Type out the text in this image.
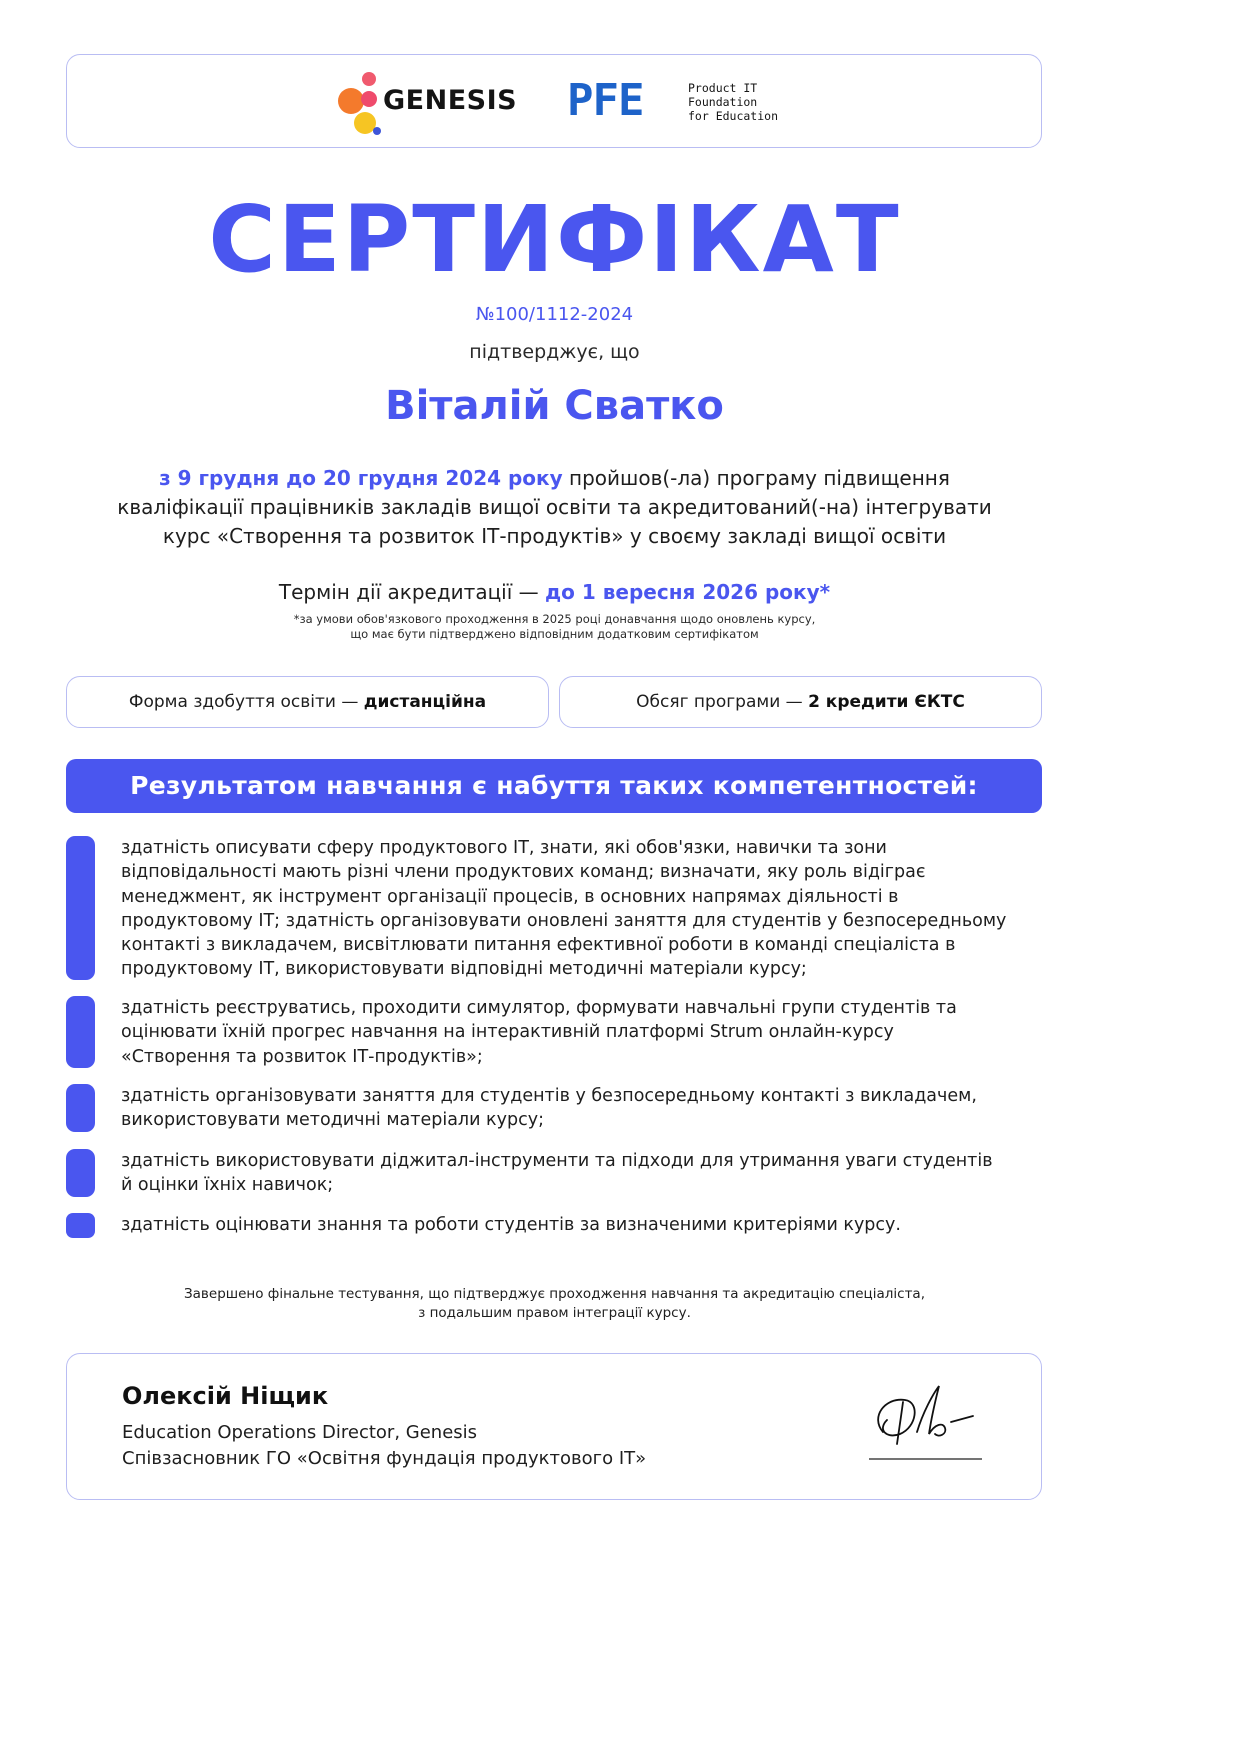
GENESIS PFE	Product IT
Foundation
for Education
СЕРТИФІКАТ
№100/1112-2024
підтверджує, що
Віталій Сватко
з 9 грудня до 20 грудня 2024 року пройшов(-ла) програму підвищення
кваліфікації працівників закладів вищої освіти та акредитований(-на) інтегрувати
курс «Створення та розвиток ІТ-продуктів» у своєму закладі вищої освіти
Термін дії акредитації — до 1 вересня 2026 року*
*за умови обов'язкового проходження в 2025 році донавчання щодо оновлень курсу,
що має бути підтверджено відповідним додатковим сертифікатом
Форма здобуття освіти — дистанційна	Обсяг програми — 2 кредити ЄКТС
Результатом навчання є набуття таких компетентностей:
здатність описувати сферу продуктового ІТ, знати, які обов'язки, навички та зони
відповідальності мають різні члени продуктових команд; визначати, яку роль відіграє
менеджмент, як інструмент організації процесів, в основних напрямах діяльності в
продуктовому ІТ; здатність організовувати оновлені заняття для студентів у безпосередньому
контакті з викладачем, висвітлювати питання ефективної роботи в команді спеціаліста в
продуктовому ІТ, використовувати відповідні методичні матеріали курсу;
здатність реєструватись, проходити симулятор, формувати навчальні групи студентів та
оцінювати їхній прогрес навчання на інтерактивній платформі Strum онлайн-курсу
«Створення та розвиток ІТ-продуктів»;
здатність організовувати заняття для студентів у безпосередньому контакті з викладачем,
використовувати методичні матеріали курсу;
здатність використовувати діджитал-інструменти та підходи для утримання уваги студентів
й оцінки їхніх навичок;
здатність оцінювати знання та роботи студентів за визначеними критеріями курсу.
Завершено фінальне тестування, що підтверджує проходження навчання та акредитацію спеціаліста,
з подальшим правом інтеграції курсу.
Олексій Ніщик
Education Operations Director, Genesis
Співзасновник ГО «Освітня фундація продуктового ІТ»
